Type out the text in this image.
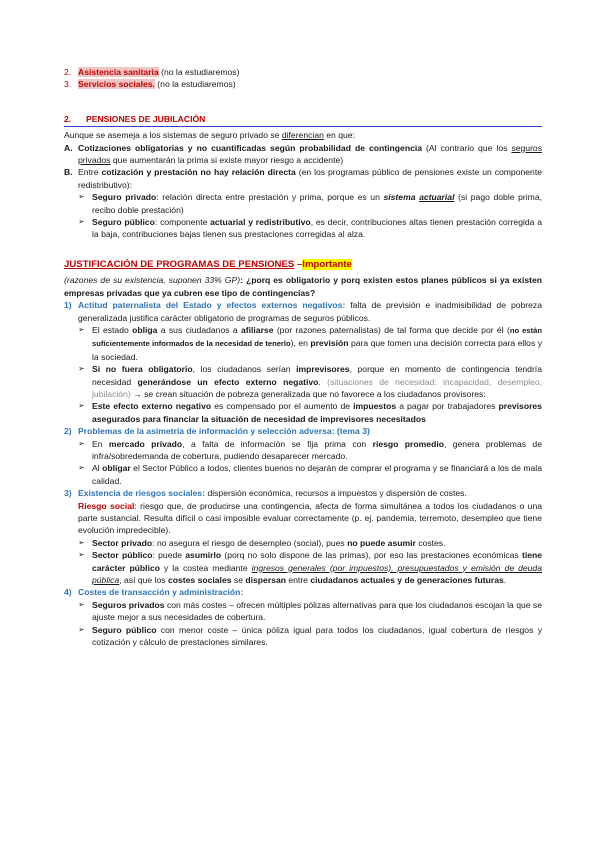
2. Asistencia sanitaria (no la estudiaremos)
3. Servicios sociales. (no la estudiaremos)
2.	PENSIONES DE JUBILACIÓN
Aunque se asemeja a los sistemas de seguro privado se diferencian en que:
A. Cotizaciones obligatorias y no cuantificadas según probabilidad de contingencia (Al contrario que los seguros privados que aumentarán la prima si existe mayor riesgo a accidente)
B. Entre cotización y prestación no hay relación directa (en los programas público de pensiones existe un componente redistributivo):
➢ Seguro privado: relación directa entre prestación y prima, porque es un sistema actuarial (si pago doble prima, recibo doble prestación)
➢ Seguro público: componente actuarial y redistributivo, es decir, contribuciones altas tienen prestación corregida a la baja, contribuciones bajas tienen sus prestaciones corregidas al alza.
JUSTIFICACIÓN DE PROGRAMAS DE PENSIONES –Importante
(razones de su existencia, suponen 33% GP): ¿porq es obligatorio y porq existen estos planes públicos si ya existen empresas privadas que ya cubren ese tipo de contingencias?
1) Actitud paternalista del Estado y efectos externos negativos: falta de previsión e inadmisibilidad de pobreza generalizada justifica carácter obligatorio de programas de seguros públicos.
➢ El estado obliga a sus ciudadanos a afiliarse (por razones paternalistas) de tal forma que decide por él (no están suficientemente informados de la necesidad de tenerlo), en previsión para que tomen una decisión correcta para ellos y la sociedad.
➢ Si no fuera obligatorio, los ciudadanos serían imprevisores, porque en momento de contingencia tendría necesidad generándose un efecto externo negativo. (situaciones de necesidad: incapacidad, desempleo, jubilación) → se crean situación de pobreza generalizada que no favorece a los ciudadanos provisores:
➢ Este efecto externo negativo es compensado por el aumento de impuestos a pagar por trabajadores previsores asegurados para financiar la situación de necesidad de imprevisores necesitados
2) Problemas de la asimetría de información y selección adversa: (tema 3)
➢ En mercado privado, a falta de información se fija prima con riesgo promedio, genera problemas de infra/sobredemanda de cobertura, pudiendo desaparecer mercado.
➢ Al obligar el Sector Público a todos, clientes buenos no dejarán de comprar el programa y se financiará a los de mala calidad.
3) Existencia de riesgos sociales: dispersión económica, recursos a impuestos y dispersión de costes.
Riesgo social: riesgo que, de producirse una contingencia, afecta de forma simultánea a todos los ciudadanos o una parte sustancial. Resulta difícil o casi imposible evaluar correctamente (p. ej. pandemia, terremoto, desempleo que tiene evolución impredecible).
➢ Sector privado: no asegura el riesgo de desempleo (social), pues no puede asumir costes.
➢ Sector público: puede asumirlo (porq no solo dispone de las primas), por eso las prestaciones económicas tiene carácter público y la costea mediante ingresos generales (por impuestos), presupuestados y emisión de deuda pública, así que los costes sociales se dispersan entre ciudadanos actuales y de generaciones futuras.
4) Costes de transacción y administración:
➢ Seguros privados con más costes – ofrecen múltiples pólizas alternativas para que los ciudadanos escojan la que se ajuste mejor a sus necesidades de cobertura.
➢ Seguro público con menor coste – única póliza igual para todos los ciudadanos, igual cobertura de riesgos y cotización y cálculo de prestaciones similares.
